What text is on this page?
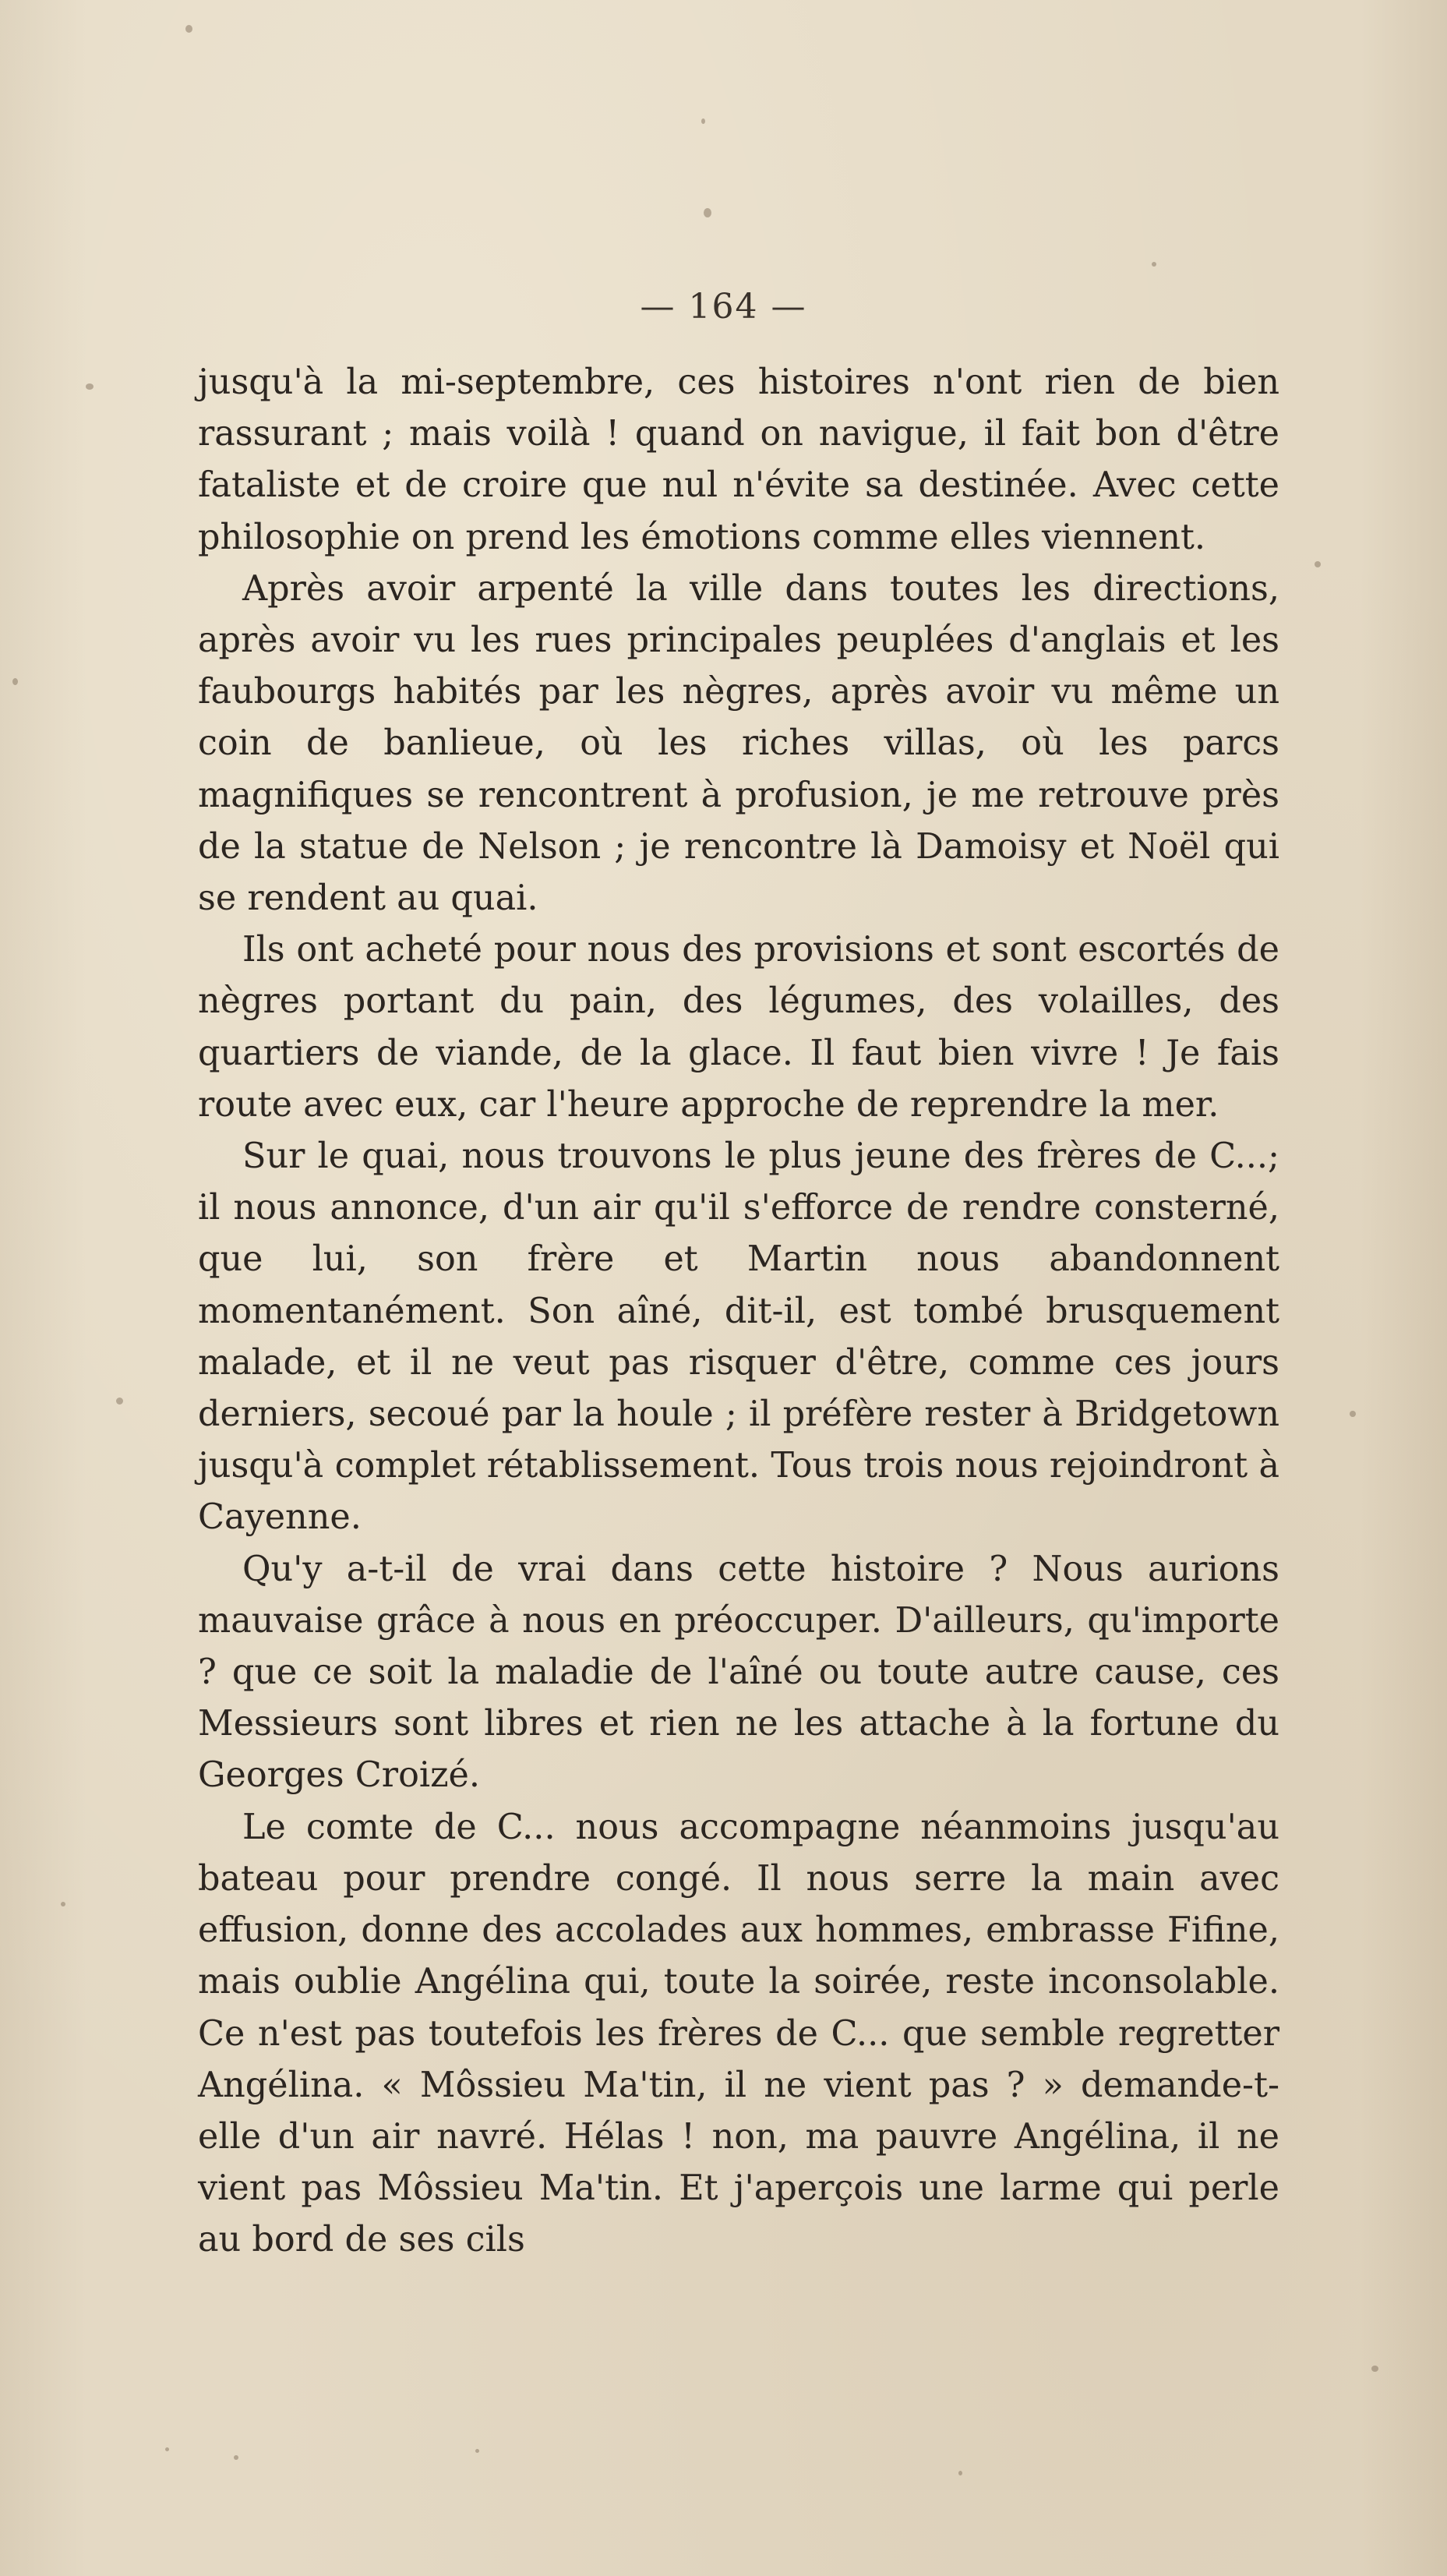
— 164 —

jusqu'à la mi-septembre, ces histoires n'ont rien de bien rassurant ; mais voilà ! quand on navigue, il fait bon d'être fataliste et de croire que nul n'évite sa destinée. Avec cette philosophie on prend les émotions comme elles viennent.

Après avoir arpenté la ville dans toutes les directions, après avoir vu les rues principales peuplées d'anglais et les faubourgs habités par les nègres, après avoir vu même un coin de banlieue, où les riches villas, où les parcs magnifiques se rencontrent à profusion, je me retrouve près de la statue de Nelson ; je rencontre là Damoisy et Noël qui se rendent au quai.

Ils ont acheté pour nous des provisions et sont escortés de nègres portant du pain, des légumes, des volailles, des quartiers de viande, de la glace. Il faut bien vivre ! Je fais route avec eux, car l'heure approche de reprendre la mer.

Sur le quai, nous trouvons le plus jeune des frères de C...; il nous annonce, d'un air qu'il s'efforce de rendre consterné, que lui, son frère et Martin nous abandonnent momentanément. Son aîné, dit-il, est tombé brusquement malade, et il ne veut pas risquer d'être, comme ces jours derniers, secoué par la houle ; il préfère rester à Bridgetown jusqu'à complet rétablissement. Tous trois nous rejoindront à Cayenne.

Qu'y a-t-il de vrai dans cette histoire ? Nous aurions mauvaise grâce à nous en préoccuper. D'ailleurs, qu'importe ? que ce soit la maladie de l'aîné ou toute autre cause, ces Messieurs sont libres et rien ne les attache à la fortune du Georges Croizé.

Le comte de C... nous accompagne néanmoins jusqu'au bateau pour prendre congé. Il nous serre la main avec effusion, donne des accolades aux hommes, embrasse Fifine, mais oublie Angélina qui, toute la soirée, reste inconsolable. Ce n'est pas toutefois les frères de C... que semble regretter Angélina. « Môssieu Ma'tin, il ne vient pas ? » demande-t-elle d'un air navré. Hélas ! non, ma pauvre Angélina, il ne vient pas Môssieu Ma'tin. Et j'aperçois une larme qui perle au bord de ses cils
